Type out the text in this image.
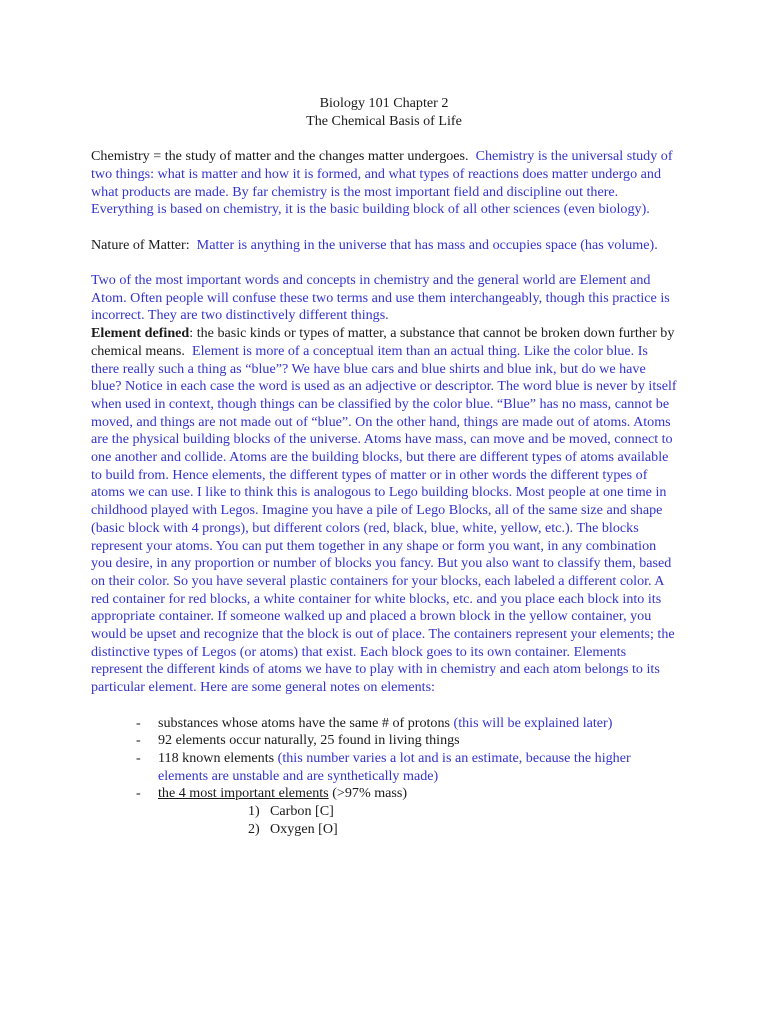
Biology 101 Chapter 2
The Chemical Basis of Life

Chemistry = the study of matter and the changes matter undergoes. Chemistry is the universal study of two things: what is matter and how it is formed, and what types of reactions does matter undergo and what products are made. By far chemistry is the most important field and discipline out there. Everything is based on chemistry, it is the basic building block of all other sciences (even biology).

Nature of Matter: Matter is anything in the universe that has mass and occupies space (has volume).

Two of the most important words and concepts in chemistry and the general world are Element and Atom. Often people will confuse these two terms and use them interchangeably, though this practice is incorrect. They are two distinctively different things.

Element defined: the basic kinds or types of matter, a substance that cannot be broken down further by chemical means. Element is more of a conceptual item than an actual thing. Like the color blue. Is there really such a thing as “blue”? We have blue cars and blue shirts and blue ink, but do we have blue? Notice in each case the word is used as an adjective or descriptor. The word blue is never by itself when used in context, though things can be classified by the color blue. “Blue” has no mass, cannot be moved, and things are not made out of “blue”. On the other hand, things are made out of atoms. Atoms are the physical building blocks of the universe. Atoms have mass, can move and be moved, connect to one another and collide. Atoms are the building blocks, but there are different types of atoms available to build from. Hence elements, the different types of matter or in other words the different types of atoms we can use. I like to think this is analogous to Lego building blocks. Most people at one time in childhood played with Legos. Imagine you have a pile of Lego Blocks, all of the same size and shape (basic block with 4 prongs), but different colors (red, black, blue, white, yellow, etc.). The blocks represent your atoms. You can put them together in any shape or form you want, in any combination you desire, in any proportion or number of blocks you fancy. But you also want to classify them, based on their color. So you have several plastic containers for your blocks, each labeled a different color. A red container for red blocks, a white container for white blocks, etc. and you place each block into its appropriate container. If someone walked up and placed a brown block in the yellow container, you would be upset and recognize that the block is out of place. The containers represent your elements; the distinctive types of Legos (or atoms) that exist. Each block goes to its own container. Elements represent the different kinds of atoms we have to play with in chemistry and each atom belongs to its particular element. Here are some general notes on elements:

- substances whose atoms have the same # of protons (this will be explained later)
- 92 elements occur naturally, 25 found in living things
- 118 known elements (this number varies a lot and is an estimate, because the higher elements are unstable and are synthetically made)
- the 4 most important elements (>97% mass)
1) Carbon [C]
2) Oxygen [O]
